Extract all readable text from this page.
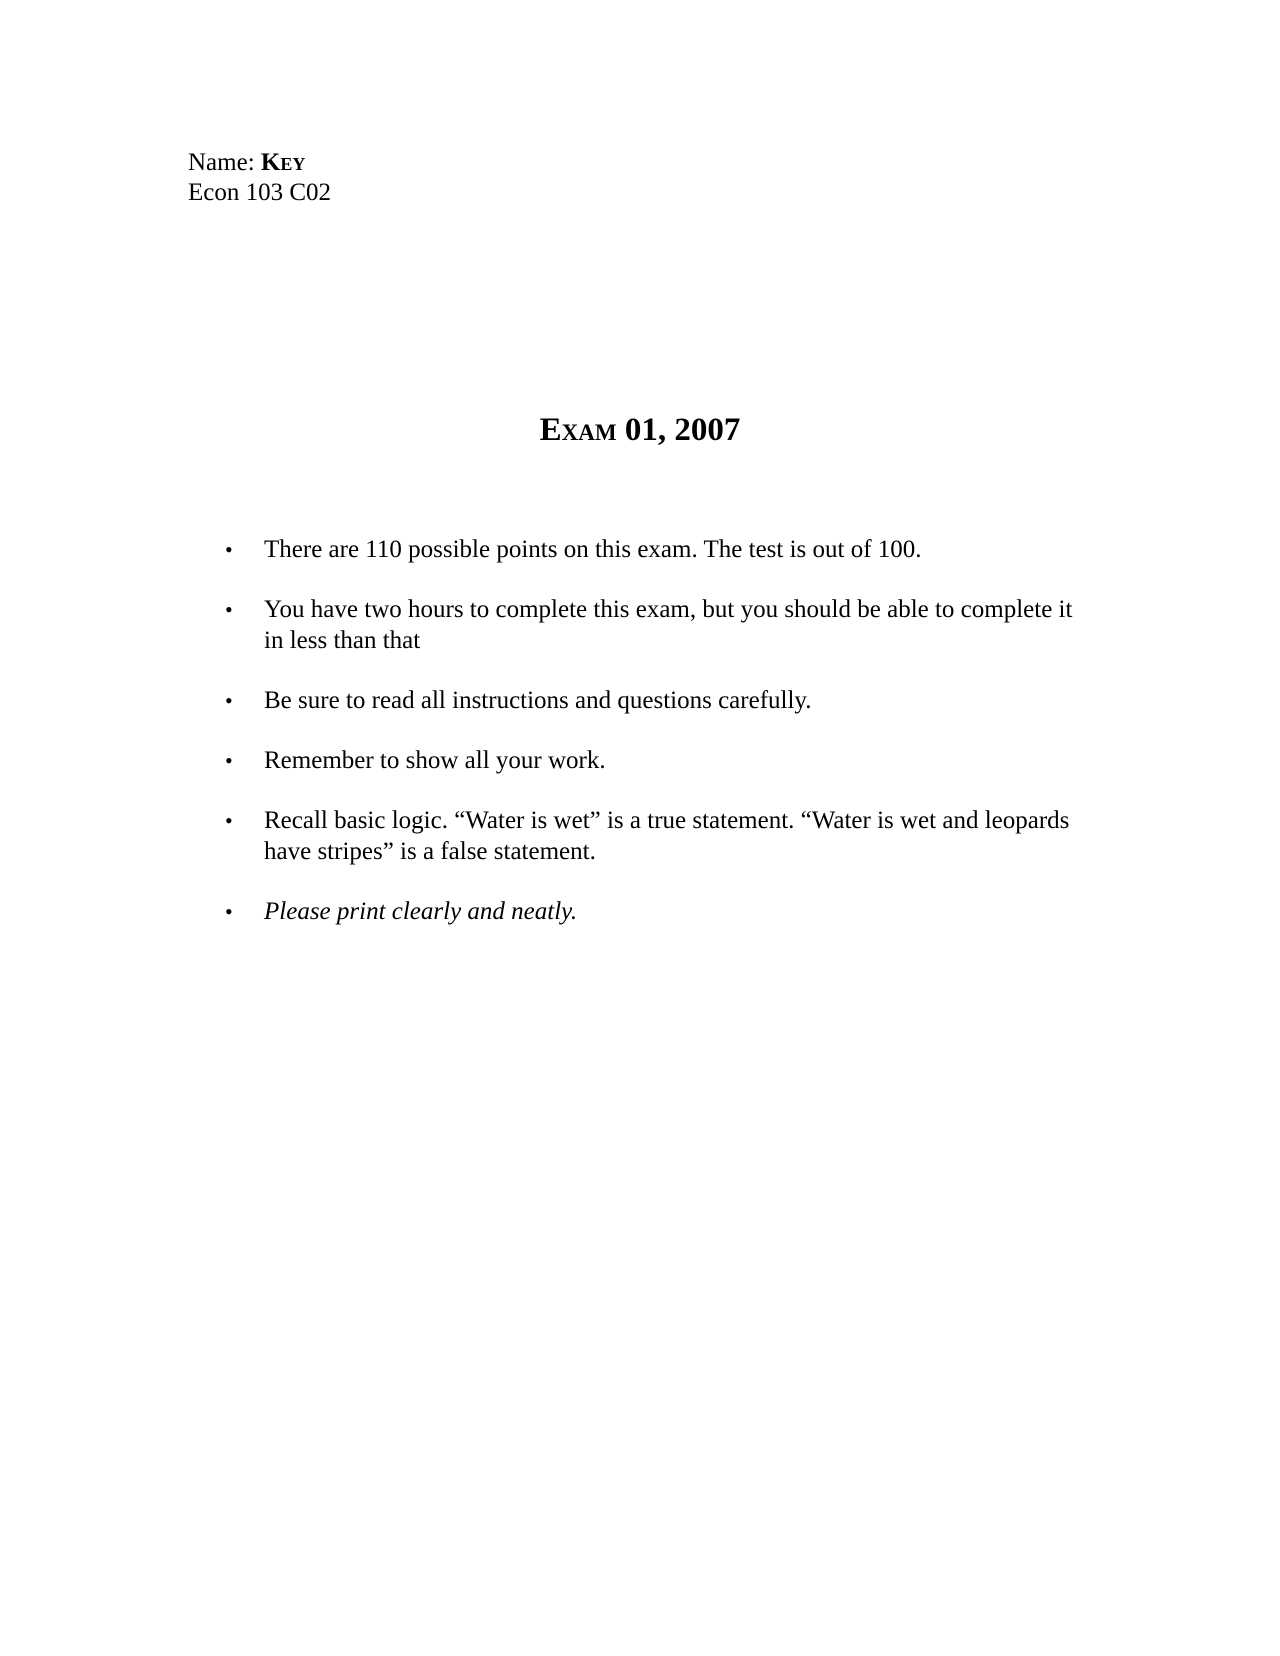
Name: Key
Econ 103 C02
Exam 01, 2007
• There are 110 possible points on this exam. The test is out of 100.
• You have two hours to complete this exam, but you should be able to complete it in less than that
• Be sure to read all instructions and questions carefully.
• Remember to show all your work.
• Recall basic logic. “Water is wet” is a true statement. “Water is wet and leopards have stripes” is a false statement.
• Please print clearly and neatly.
